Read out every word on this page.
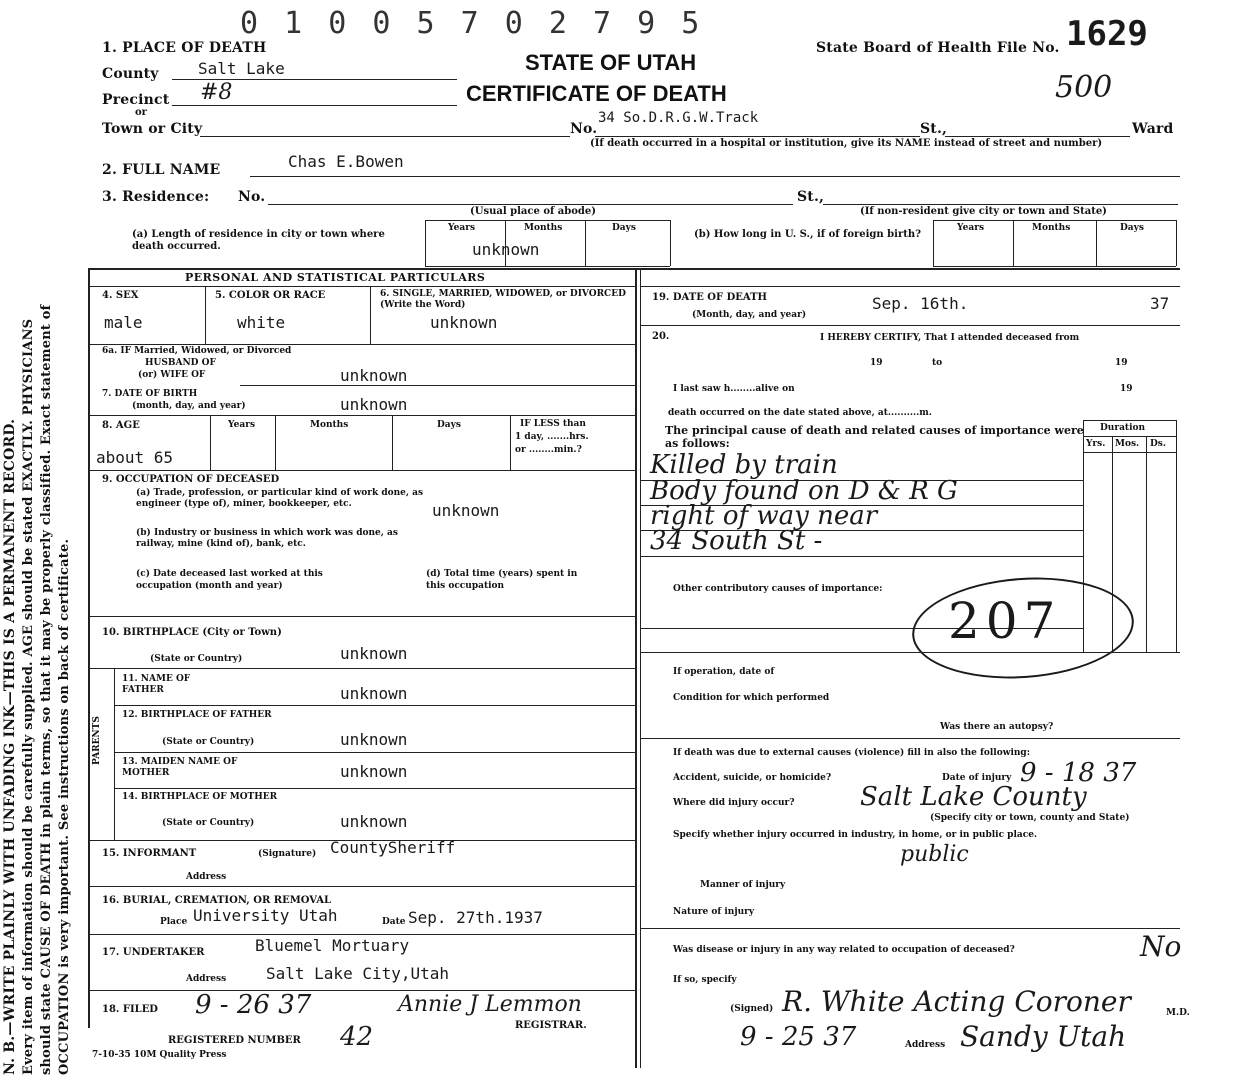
0 1 0 0 5 7 0 2 7 9 5
N. B.—WRITE PLAINLY WITH UNFADING INK—THIS IS A PERMANENT RECORD. Every item of information should be carefully supplied. AGE should be stated EXACTLY. PHYSICIANS should state CAUSE OF DEATH in plain terms, so that it may be properly classified. Exact statement of OCCUPATION is very important. See instructions on back of certificate.
1. PLACE OF DEATH
STATE OF UTAH
CERTIFICATE OF DEATH
State Board of Health File No. 1629
500
County Salt Lake
Precinct #8
or
Town or City	No.
34 So.D.R.G.W.Track
St.,	Ward
(If death occurred in a hospital or institution, give its NAME instead of street and number)
2. FULL NAME	Chas E.Bowen
3. Residence: No.	St.,
(Usual place of abode)	(If non-resident give city or town and State)
(a) Length of residence in city or town where death occurred.
Years	Months	Days
unknown
(b) How long in U. S., if of foreign birth?
Years	Months	Days
PERSONAL AND STATISTICAL PARTICULARS
4. SEX
male
5. COLOR OR RACE
white
6. SINGLE, MARRIED, WIDOWED, or DIVORCED (Write the Word)
unknown
6a. IF Married, Widowed, or Divorced
HUSBAND OF
(or) WIFE OF	unknown
7. DATE OF BIRTH
(month, day, and year)	unknown
8. AGE	Years	Months	Days	IF LESS than
1 day, .......hrs.
or ........min.?
about 65
9. OCCUPATION OF DECEASED
(a) Trade, profession, or particular kind of work done, as engineer (type of), miner, bookkeeper, etc.	unknown
(b) Industry or business in which work was done, as railway, mine (kind of), bank, etc.
(c) Date deceased last worked at this occupation (month and year)
(d) Total time (years) spent in this occupation
10. BIRTHPLACE (City or Town)
(State or Country)	unknown
PARENTS
11. NAME OF FATHER	unknown
12. BIRTHPLACE OF FATHER
(State or Country)	unknown
13. MAIDEN NAME OF MOTHER	unknown
14. BIRTHPLACE OF MOTHER
(State or Country)	unknown
15. INFORMANT	(Signature) CountySheriff
Address
16. BURIAL, CREMATION, OR REMOVAL
Place University Utah	Date Sep. 27th.1937
17. UNDERTAKER	Bluemel Mortuary
Address Salt Lake City,Utah
18. FILED 9 - 26 37	Annie J Lemmon
REGISTRAR.
REGISTERED NUMBER 42
7-10-35 10M Quality Press
19. DATE OF DEATH
(Month, day, and year)
Sep. 16th.	37
20.	I HEREBY CERTIFY, That I attended deceased from
19	to	19
I last saw h........alive on	19
death occurred on the date stated above, at..........m.
The principal cause of death and related causes of importance were as follows:
Duration
Yrs. Mos. Ds.
Killed by train
Body found on D & R G
right of way near
34 South St -
Other contributory causes of importance:
207
If operation, date of
Condition for which performed
Was there an autopsy?
If death was due to external causes (violence) fill in also the following:
Accident, suicide, or homicide?	Date of injury 9 - 18 37
Where did injury occur?	Salt Lake County
(Specify city or town, county and State)
Specify whether injury occurred in industry, in home, or in public place.
public
Manner of injury
Nature of injury
Was disease or injury in any way related to occupation of deceased?	No
If so, specify
(Signed) R. White Acting Coroner	M.D.
9 - 25 37	Address Sandy Utah
